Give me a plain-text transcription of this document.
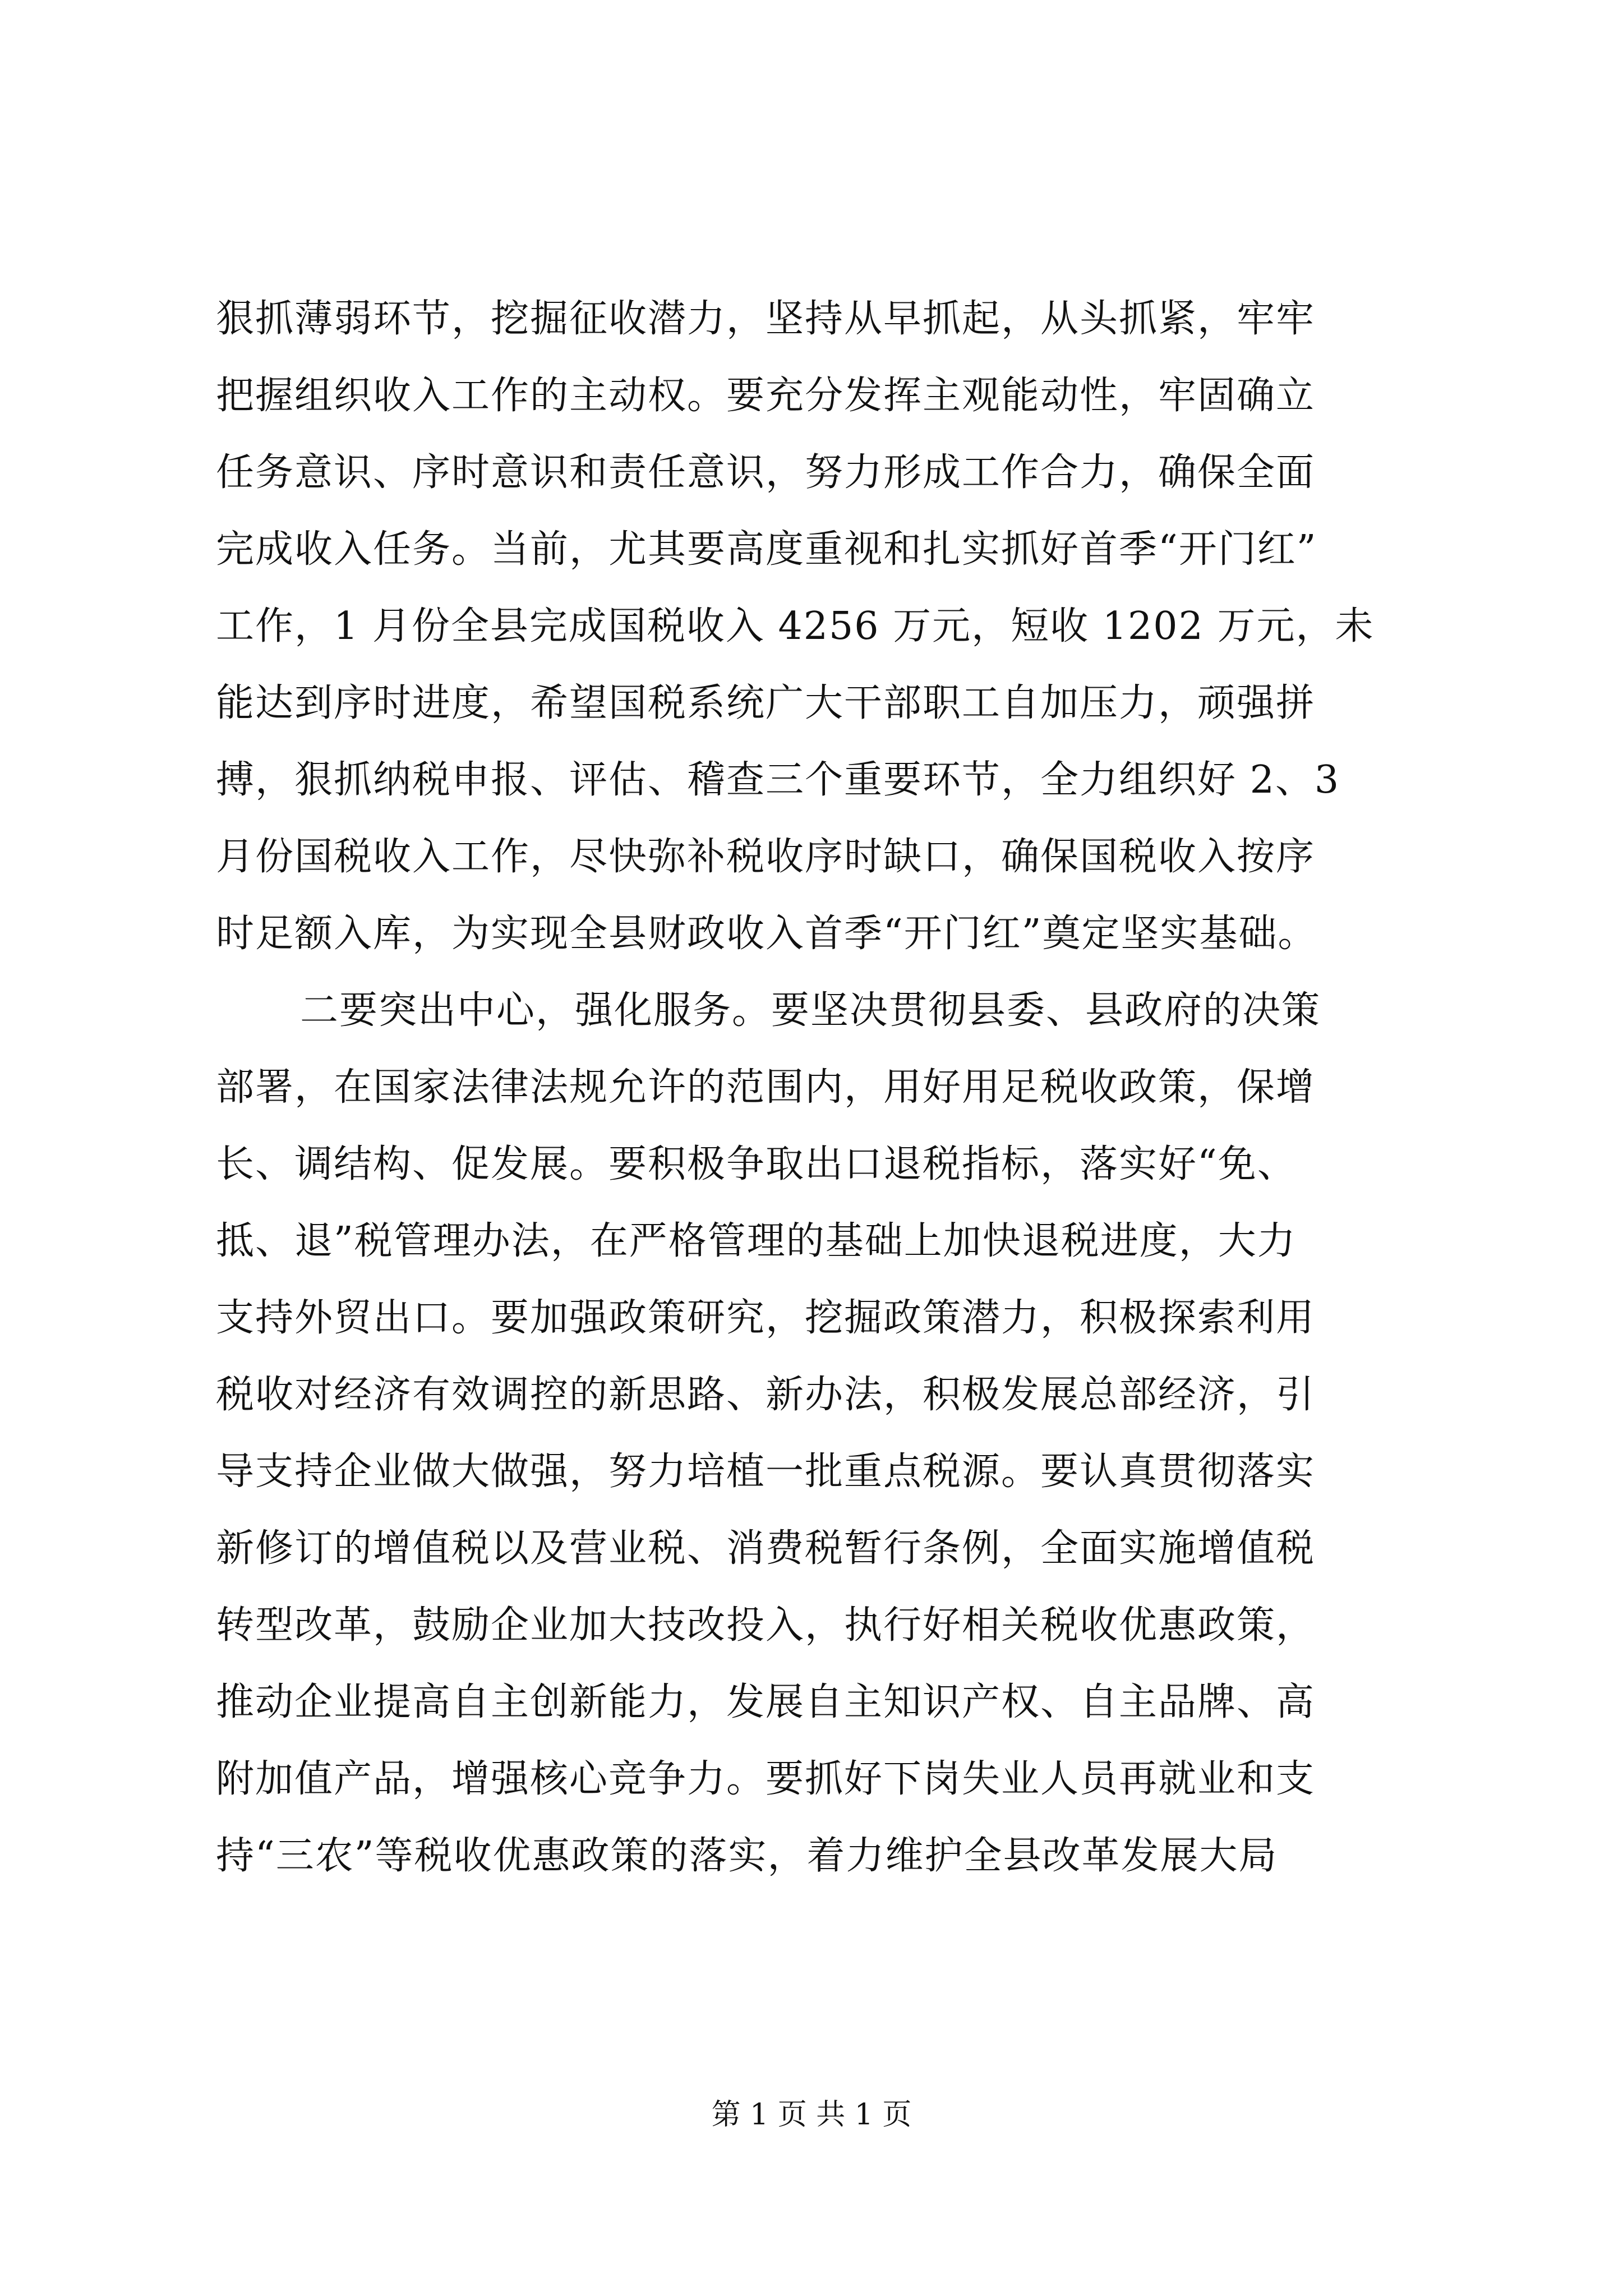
狠抓薄弱环节，挖掘征收潜力，坚持从早抓起，从头抓紧，牢牢
把握组织收入工作的主动权。要充分发挥主观能动性，牢固确立
任务意识、序时意识和责任意识，努力形成工作合力，确保全面
完成收入任务。当前，尤其要高度重视和扎实抓好首季“开门红”
工作，1 月份全县完成国税收入 4256 万元，短收 1202 万元，未
能达到序时进度，希望国税系统广大干部职工自加压力，顽强拼
搏，狠抓纳税申报、评估、稽查三个重要环节，全力组织好 2、3
月份国税收入工作，尽快弥补税收序时缺口，确保国税收入按序
时足额入库，为实现全县财政收入首季“开门红”奠定坚实基础。
二要突出中心，强化服务。要坚决贯彻县委、县政府的决策
部署，在国家法律法规允许的范围内，用好用足税收政策，保增
长、调结构、促发展。要积极争取出口退税指标，落实好“免、
抵、退”税管理办法，在严格管理的基础上加快退税进度，大力
支持外贸出口。要加强政策研究，挖掘政策潜力，积极探索利用
税收对经济有效调控的新思路、新办法，积极发展总部经济，引
导支持企业做大做强，努力培植一批重点税源。要认真贯彻落实
新修订的增值税以及营业税、消费税暂行条例，全面实施增值税
转型改革，鼓励企业加大技改投入，执行好相关税收优惠政策，
推动企业提高自主创新能力，发展自主知识产权、自主品牌、高
附加值产品，增强核心竞争力。要抓好下岗失业人员再就业和支
持“三农”等税收优惠政策的落实，着力维护全县改革发展大局
第 1 页 共 1 页
